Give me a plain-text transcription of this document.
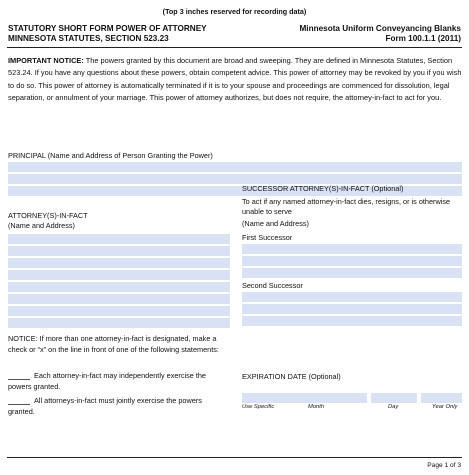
(Top 3 inches reserved for recording data)
STATUTORY SHORT FORM POWER OF ATTORNEY
MINNESOTA STATUTES, SECTION 523.23
Minnesota Uniform Conveyancing Blanks
Form 100.1.1 (2011)
IMPORTANT NOTICE: The powers granted by this document are broad and sweeping. They are defined in Minnesota Statutes, Section 523.24. If you have any questions about these powers, obtain competent advice. This power of attorney may be revoked by you if you wish to do so. This power of attorney is automatically terminated if it is to your spouse and proceedings are commenced for dissolution, legal separation, or annulment of your marriage. This power of attorney authorizes, but does not require, the attorney-in-fact to act for you.
PRINCIPAL (Name and Address of Person Granting the Power)
ATTORNEY(S)-IN-FACT
(Name and Address)
SUCCESSOR ATTORNEY(S)-IN-FACT (Optional)
To act if any named attorney-in-fact dies, resigns, or is otherwise
unable to serve
(Name and Address)
First Successor
Second Successor
NOTICE: If more than one attorney-in-fact is designated, make a
check or “x” on the line in front of one of the following statements:
Each attorney-in-fact may independently exercise the
powers granted.
All attorneys-in-fact must jointly exercise the powers
granted.
EXPIRATION DATE (Optional)
Use Specific	Month	Day	Year Only
Page 1 of 3
